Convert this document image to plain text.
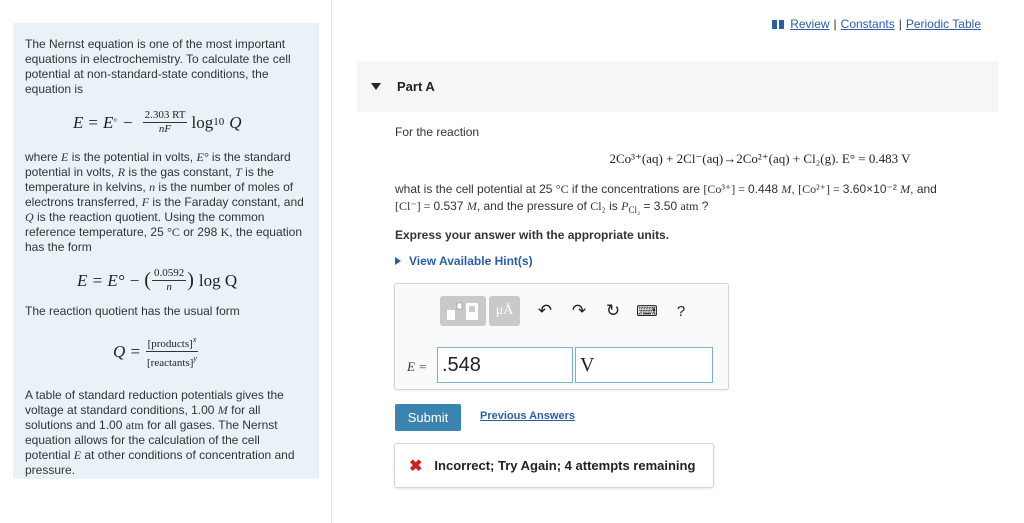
The Nernst equation is one of the most important equations in electrochemistry. To calculate the cell potential at non-standard-state conditions, the equation is

E = E ° − $\frac{2.303 RT}{nF}$ log 10 Q

where E is the potential in volts, E° is the standard potential in volts, R is the gas constant, T is the temperature in kelvins, n is the number of moles of electrons transferred, F is the Faraday constant, and Q is the reaction quotient. Using the common reference temperature, 25 °C or 298 K, the equation has the form

E = E° − ( $\frac{0.0592}{n}$ ) log Q

The reaction quotient has the usual form

$Q = \frac{[products]^x}{[reactants]^y}$

A table of standard reduction potentials gives the voltage at standard conditions, 1.00 M for all solutions and 1.00 atm for all gases. The Nernst equation allows for the calculation of the cell potential E at other conditions of concentration and pressure.

Review | Constants | Periodic Table
Part A

For the reaction

2Co³⁺(aq) + 2Cl⁻(aq)→2Co²⁺(aq) + Cl₂(g). E° = 0.483 V

what is the cell potential at 25 °C if the concentrations are [Co³⁺] = 0.448 M, [Co²⁺] = 3.60×10⁻² M, and
[Cl⁻] = 0.537 M, and the pressure of Cl₂ is $P_{Cl_2} = 3.50$ atm ?

Express your answer with the appropriate units.

View Available Hint(s)
μÅ	↶	↷	↻	⌨	?
E =
.548
V
Submit	Previous Answers
✖ Incorrect; Try Again; 4 attempts remaining
